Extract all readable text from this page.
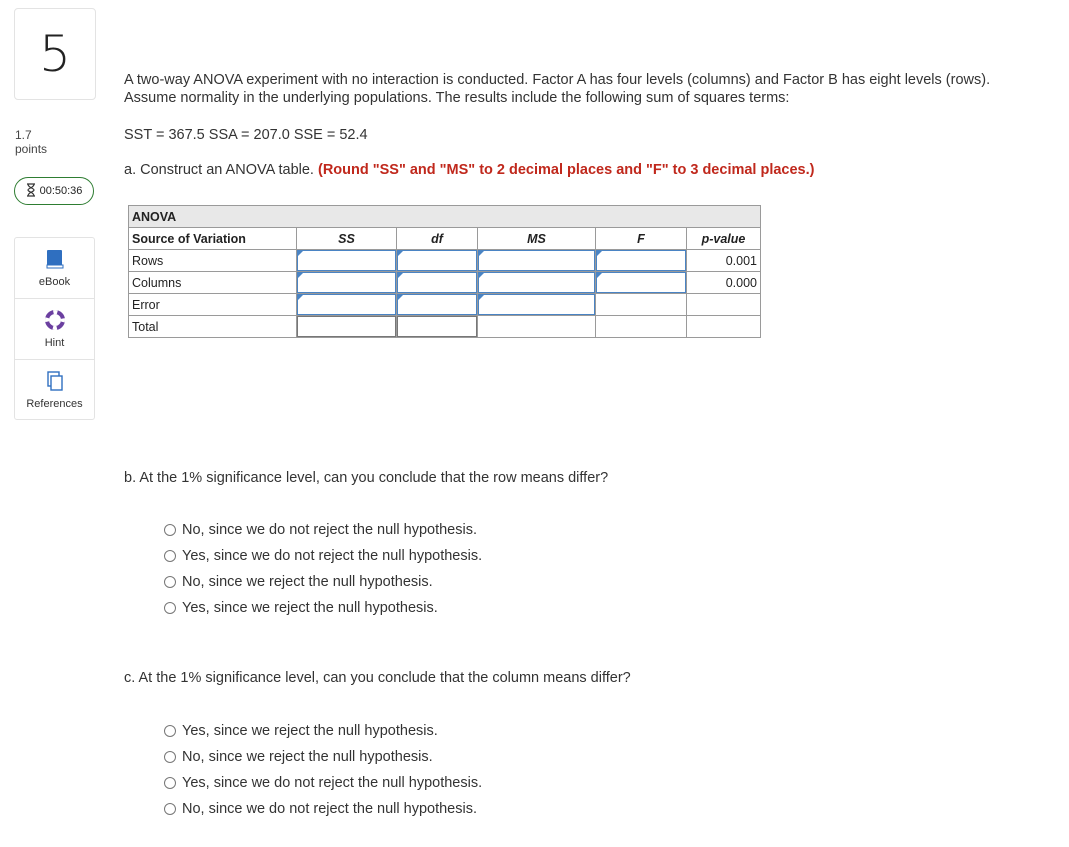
5
1.7
points
00:50:36
eBook
Hint
References
A two-way ANOVA experiment with no interaction is conducted. Factor A has four levels (columns) and Factor B has eight levels (rows).
Assume normality in the underlying populations. The results include the following sum of squares terms:
SST = 367.5 SSA = 207.0 SSE = 52.4
a. Construct an ANOVA table. (Round "SS" and "MS" to 2 decimal places and "F" to 3 decimal places.)
ANOVA					
Source of Variation	SS	df	MS	F	p-value
Rows					0.001
Columns					0.000
Error	

Total					
b. At the 1% significance level, can you conclude that the row means differ?
No, since we do not reject the null hypothesis.
Yes, since we do not reject the null hypothesis.
No, since we reject the null hypothesis.
Yes, since we reject the null hypothesis.
c. At the 1% significance level, can you conclude that the column means differ?
Yes, since we reject the null hypothesis.
No, since we reject the null hypothesis.
Yes, since we do not reject the null hypothesis.
No, since we do not reject the null hypothesis.
